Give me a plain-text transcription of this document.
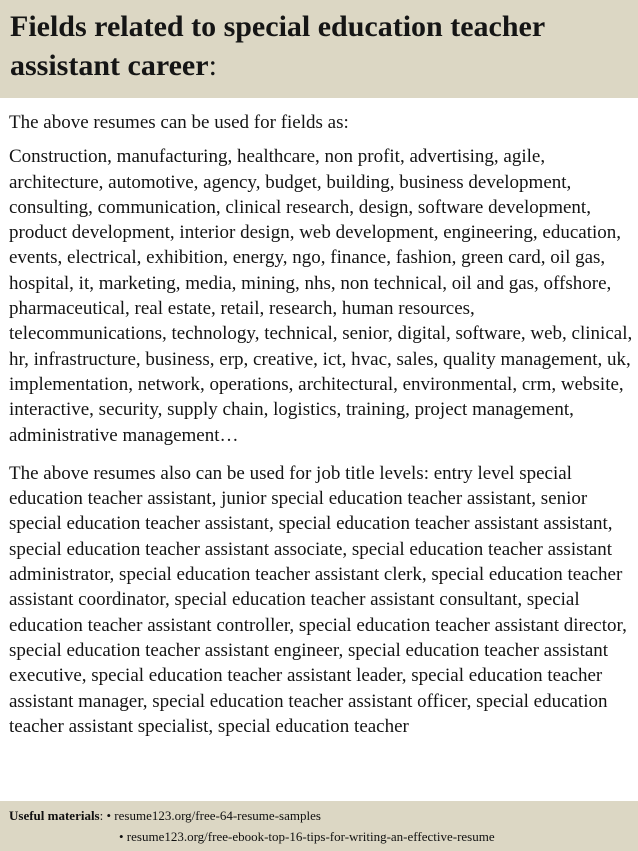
Fields related to special education teacher assistant career:

The above resumes can be used for fields as:

Construction, manufacturing, healthcare, non profit, advertising, agile, architecture, automotive, agency, budget, building, business development, consulting, communication, clinical research, design, software development, product development, interior design, web development, engineering, education, events, electrical, exhibition, energy, ngo, finance, fashion, green card, oil gas, hospital, it, marketing, media, mining, nhs, non technical, oil and gas, offshore, pharmaceutical, real estate, retail, research, human resources, telecommunications, technology, technical, senior, digital, software, web, clinical, hr, infrastructure, business, erp, creative, ict, hvac, sales, quality management, uk, implementation, network, operations, architectural, environmental, crm, website, interactive, security, supply chain, logistics, training, project management, administrative management…

The above resumes also can be used for job title levels: entry level special education teacher assistant, junior special education teacher assistant, senior special education teacher assistant, special education teacher assistant assistant, special education teacher assistant associate, special education teacher assistant administrator, special education teacher assistant clerk, special education teacher assistant coordinator, special education teacher assistant consultant, special education teacher assistant controller, special education teacher assistant director, special education teacher assistant engineer, special education teacher assistant executive, special education teacher assistant leader, special education teacher assistant manager, special education teacher assistant officer, special education teacher assistant specialist, special education teacher

Useful materials: • resume123.org/free-64-resume-samples
• resume123.org/free-ebook-top-16-tips-for-writing-an-effective-resume
